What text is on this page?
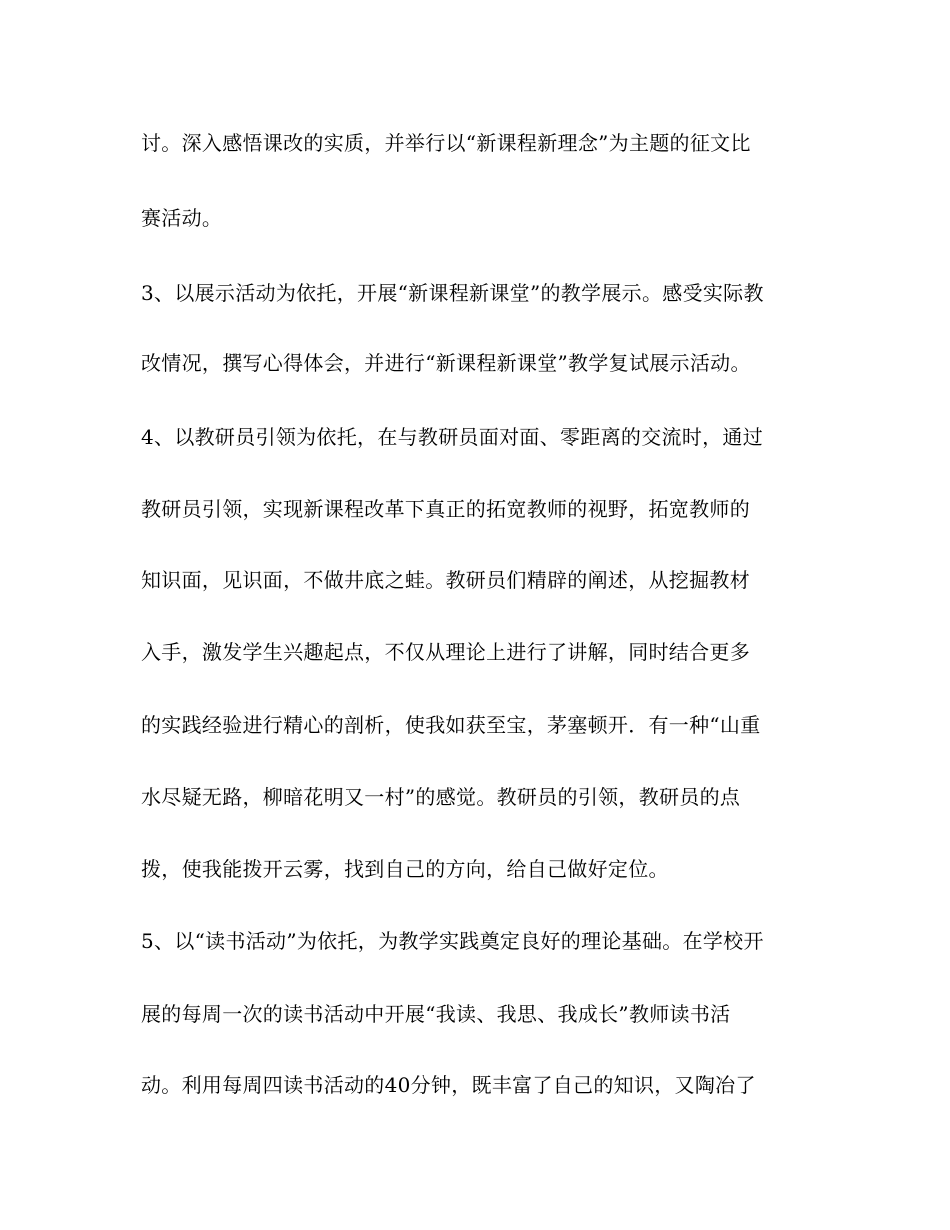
讨。深入感悟课改的实质，并举行以“新课程新理念”为主题的征文比
赛活动。
3、以展示活动为依托，开展“新课程新课堂”的教学展示。感受实际教
改情况，撰写心得体会，并进行“新课程新课堂”教学复试展示活动。
4、以教研员引领为依托，在与教研员面对面、零距离的交流时，通过
教研员引领，实现新课程改革下真正的拓宽教师的视野，拓宽教师的
知识面，见识面，不做井底之蛙。教研员们精辟的阐述，从挖掘教材
入手，激发学生兴趣起点，不仅从理论上进行了讲解，同时结合更多
的实践经验进行精心的剖析，使我如获至宝，茅塞顿开．有一种“山重
水尽疑无路，柳暗花明又一村”的感觉。教研员的引领，教研员的点
拨，使我能拨开云雾，找到自己的方向，给自己做好定位。
5、以“读书活动”为依托，为教学实践奠定良好的理论基础。在学校开
展的每周一次的读书活动中开展“我读、我思、我成长”教师读书活
动。利用每周四读书活动的40分钟，既丰富了自己的知识，又陶冶了
